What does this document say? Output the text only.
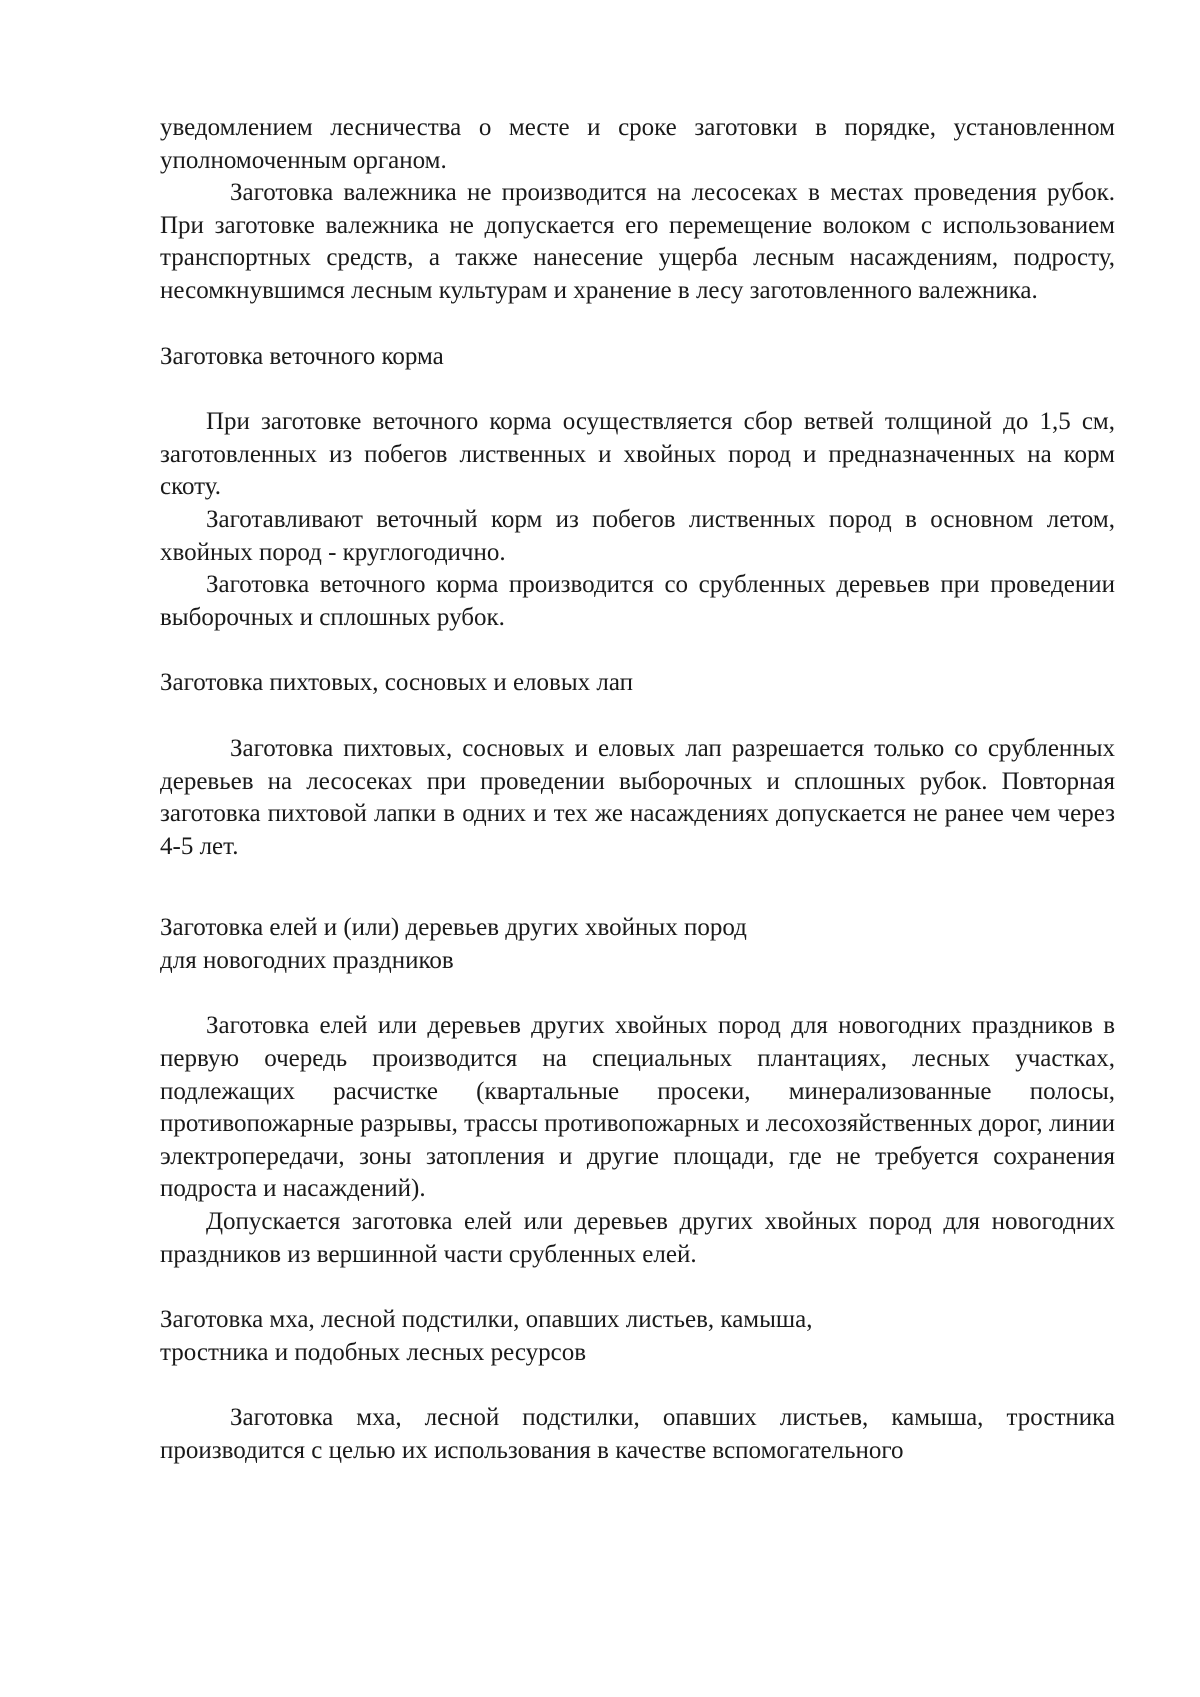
уведомлением лесничества о месте и сроке заготовки в порядке, установленном уполномоченным органом.

Заготовка валежника не производится на лесосеках в местах проведения рубок. При заготовке валежника не допускается его перемещение волоком с использованием транспортных средств, а также нанесение ущерба лесным насаждениям, подросту, несомкнувшимся лесным культурам и хранение в лесу заготовленного валежника.

Заготовка веточного корма

При заготовке веточного корма осуществляется сбор ветвей толщиной до 1,5 см, заготовленных из побегов лиственных и хвойных пород и предназначенных на корм скоту.

Заготавливают веточный корм из побегов лиственных пород в основном летом, хвойных пород - круглогодично.

Заготовка веточного корма производится со срубленных деревьев при проведении выборочных и сплошных рубок.

Заготовка пихтовых, сосновых и еловых лап

Заготовка пихтовых, сосновых и еловых лап разрешается только со срубленных деревьев на лесосеках при проведении выборочных и сплошных рубок. Повторная заготовка пихтовой лапки в одних и тех же насаждениях допускается не ранее чем через 4-5 лет.

Заготовка елей и (или) деревьев других хвойных пород

для новогодних праздников

Заготовка елей или деревьев других хвойных пород для новогодних праздников в первую очередь производится на специальных плантациях, лесных участках, подлежащих расчистке (квартальные просеки, минерализованные полосы, противопожарные разрывы, трассы противопожарных и лесохозяйственных дорог, линии электропередачи, зоны затопления и другие площади, где не требуется сохранения подроста и насаждений).

Допускается заготовка елей или деревьев других хвойных пород для новогодних праздников из вершинной части срубленных елей.

Заготовка мха, лесной подстилки, опавших листьев, камыша,

тростника и подобных лесных ресурсов

Заготовка мха, лесной подстилки, опавших листьев, камыша, тростника производится с целью их использования в качестве вспомогательного
